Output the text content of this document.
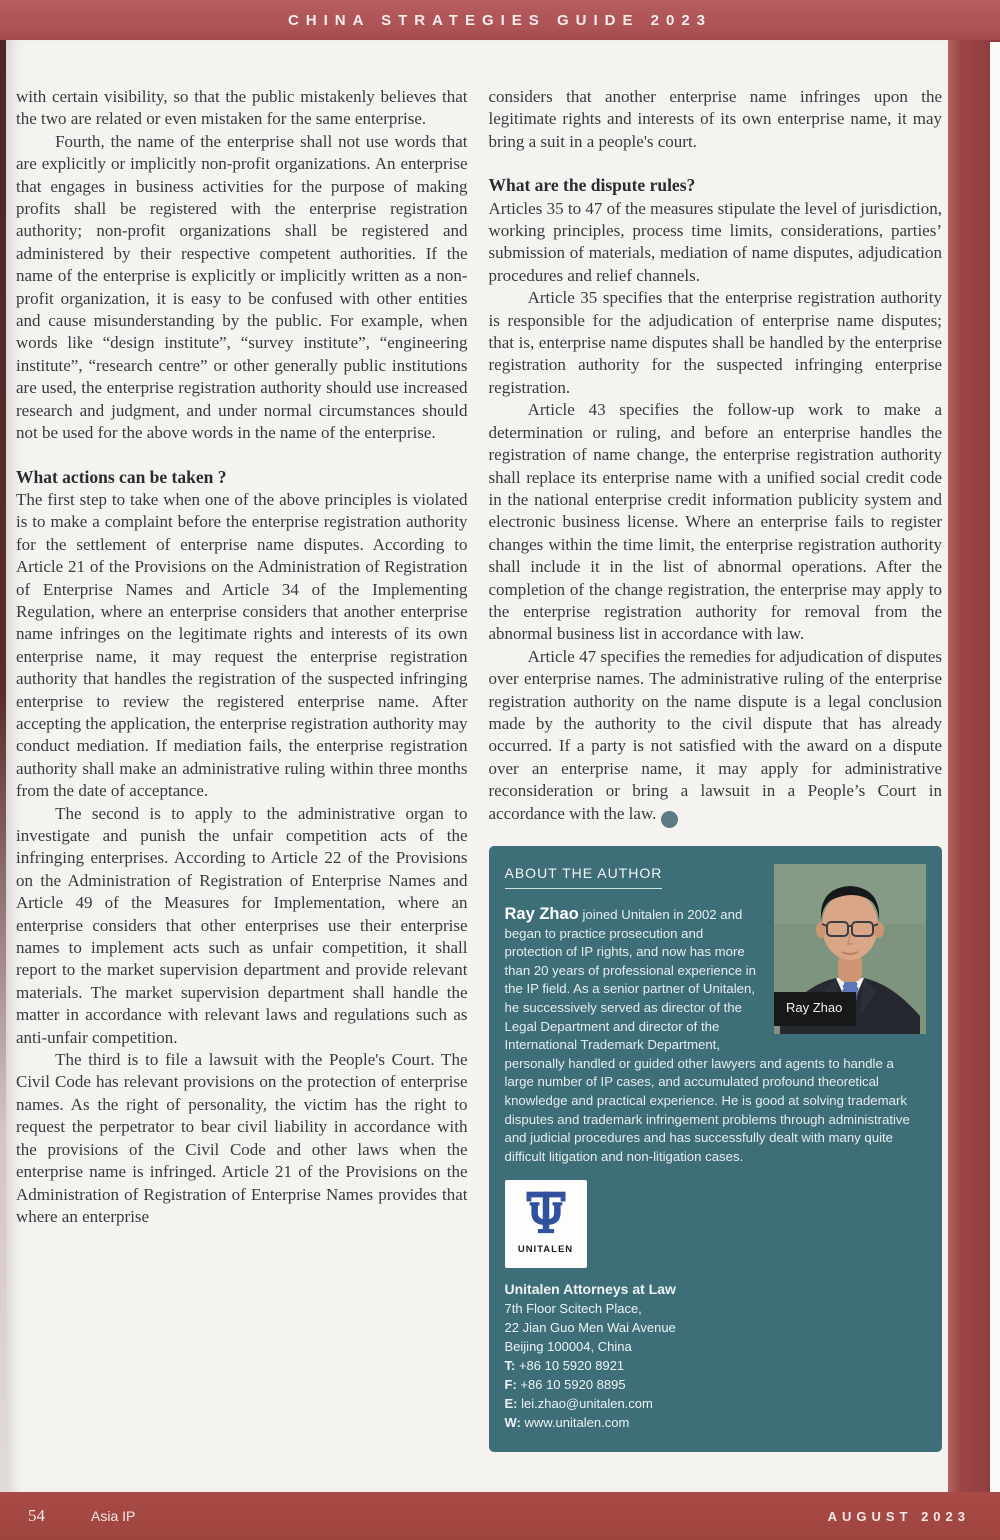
CHINA STRATEGIES GUIDE 2023

with certain visibility, so that the public mistakenly believes that the two are related or even mistaken for the same enterprise.

Fourth, the name of the enterprise shall not use words that are explicitly or implicitly non-profit organizations. An enterprise that engages in business activities for the purpose of making profits shall be registered with the enterprise registration authority; non-profit organizations shall be registered and administered by their respective competent authorities. If the name of the enterprise is explicitly or implicitly written as a non-profit organization, it is easy to be confused with other entities and cause misunderstanding by the public. For example, when words like “design institute”, “survey institute”, “engineering institute”, “research centre” or other generally public institutions are used, the enterprise registration authority should use increased research and judgment, and under normal circumstances should not be used for the above words in the name of the enterprise.

What actions can be taken ?

The first step to take when one of the above principles is violated is to make a complaint before the enterprise registration authority for the settlement of enterprise name disputes. According to Article 21 of the Provisions on the Administration of Registration of Enterprise Names and Article 34 of the Implementing Regulation, where an enterprise considers that another enterprise name infringes on the legitimate rights and interests of its own enterprise name, it may request the enterprise registration authority that handles the registration of the suspected infringing enterprise to review the registered enterprise name. After accepting the application, the enterprise registration authority may conduct mediation. If mediation fails, the enterprise registration authority shall make an administrative ruling within three months from the date of acceptance.

The second is to apply to the administrative organ to investigate and punish the unfair competition acts of the infringing enterprises. According to Article 22 of the Provisions on the Administration of Registration of Enterprise Names and Article 49 of the Measures for Implementation, where an enterprise considers that other enterprises use their enterprise names to implement acts such as unfair competition, it shall report to the market supervision department and provide relevant materials. The market supervision department shall handle the matter in accordance with relevant laws and regulations such as anti-unfair competition.

The third is to file a lawsuit with the People's Court. The Civil Code has relevant provisions on the protection of enterprise names. As the right of personality, the victim has the right to request the perpetrator to bear civil liability in accordance with the provisions of the Civil Code and other laws when the enterprise name is infringed. Article 21 of the Provisions on the Administration of Registration of Enterprise Names provides that where an enterprise

considers that another enterprise name infringes upon the legitimate rights and interests of its own enterprise name, it may bring a suit in a people's court.

What are the dispute rules?

Articles 35 to 47 of the measures stipulate the level of jurisdiction, working principles, process time limits, considerations, parties’ submission of materials, mediation of name disputes, adjudication procedures and relief channels.

Article 35 specifies that the enterprise registration authority is responsible for the adjudication of enterprise name disputes; that is, enterprise name disputes shall be handled by the enterprise registration authority for the suspected infringing enterprise registration.

Article 43 specifies the follow-up work to make a determination or ruling, and before an enterprise handles the registration of name change, the enterprise registration authority shall replace its enterprise name with a unified social credit code in the national enterprise credit information publicity system and electronic business license. Where an enterprise fails to register changes within the time limit, the enterprise registration authority shall include it in the list of abnormal operations. After the completion of the change registration, the enterprise may apply to the enterprise registration authority for removal from the abnormal business list in accordance with law.

Article 47 specifies the remedies for adjudication of disputes over enterprise names. The administrative ruling of the enterprise registration authority on the name dispute is a legal conclusion made by the authority to the civil dispute that has already occurred. If a party is not satisfied with the award on a dispute over an enterprise name, it may apply for administrative reconsideration or bring a lawsuit in a People’s Court in accordance with the law.	AIP

ABOUT THE AUTHOR
Ray Zhao
Ray Zhao joined Unitalen in 2002 and began to practice prosecution and protection of IP rights, and now has more than 20 years of professional experience in the IP field. As a senior partner of Unitalen, he successively served as director of the Legal Department and director of the International Trademark Department, personally handled or guided other lawyers and agents to handle a large number of IP cases, and accumulated profound theoretical knowledge and practical experience. He is good at solving trademark disputes and trademark infringement problems through administrative and judicial procedures and has successfully dealt with many quite difficult litigation and non-litigation cases.
UNITALEN
Unitalen Attorneys at Law
7th Floor Scitech Place,
22 Jian Guo Men Wai Avenue
Beijing 100004, China
T: +86 10 5920 8921
F: +86 10 5920 8895
E: lei.zhao@unitalen.com
W: www.unitalen.com
54	Asia IP	AUGUST 2023
